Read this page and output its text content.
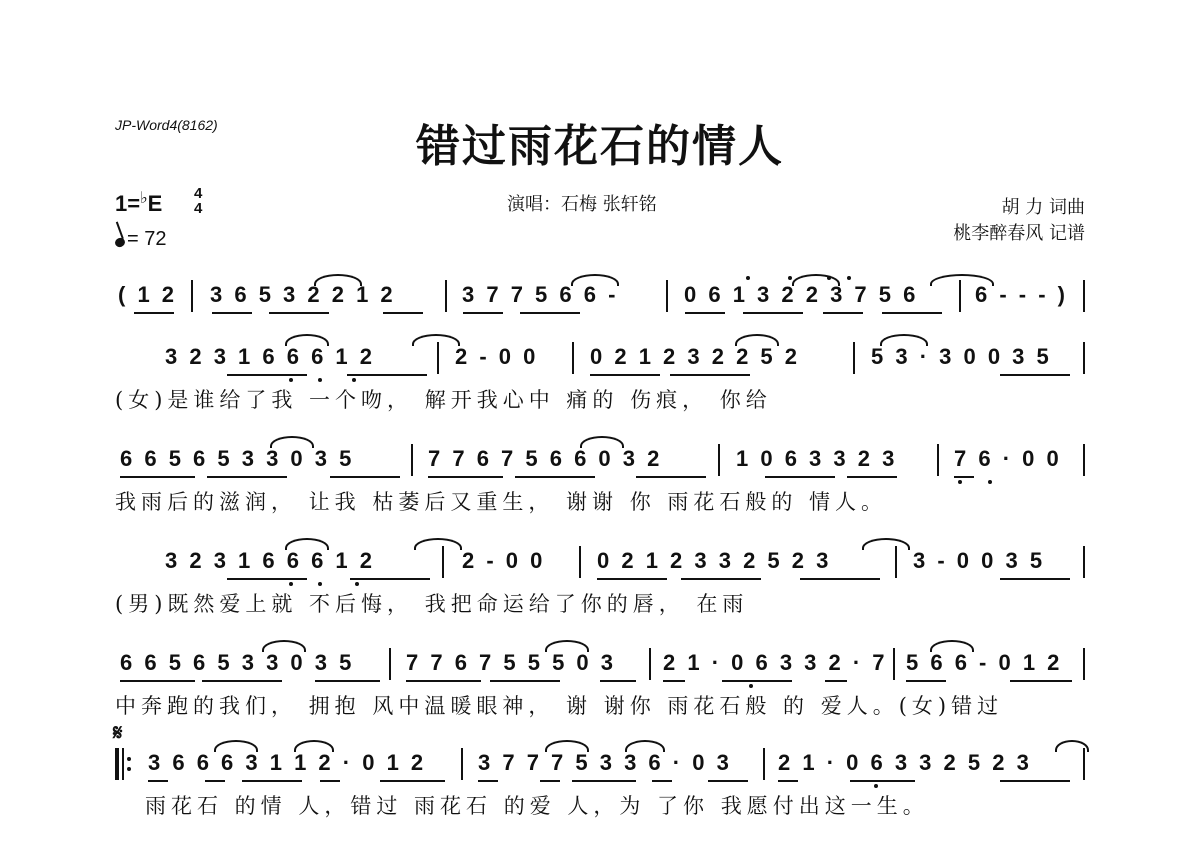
JP-Word4(8162)	错过雨花石的情人
1=♭E 4
4
= 72
演唱：石梅 张轩铭	胡 力 词曲
桃李醉春风 记谱
( 1 2 3 6 5 3 2 2 1 2	3 7 7 5 6 6 -	0 6 1 3 2 2 3 7 5 6	6 - - - )
3 2 3 1 6 6 6 1 2	2 - 0 0 0 2 1 2 3 2 2 5 2	5 3 · 3 0 0 3 5
(女)是谁给了我 一个吻， 解开我心中 痛的 伤痕， 你给
6 6 5 6 5 3 3 0 3 5	7 7 6 7 5 6 6 0 3 2	1 0 6 3 3 2 3	7 6 · 0 0
我雨后的滋润， 让我 枯萎后又重生， 谢谢 你 雨花石般的 情人。
3 2 3 1 6 6 6 1 2	2 - 0 0 0 2 1 2 3 3 2 5 2 3	3 - 0 0 3 5
(男)既然爱上就 不后悔， 我把命运给了你的唇， 在雨
6 6 5 6 5 3 3 0 3 5 7 7 6 7 5 5 5 0 3 2 1 · 0 6 3 3 2 · 7 5 6 6 - 0 1 2
中奔跑的我们， 拥抱 风中温暖眼神， 谢 谢你 雨花石般 的 爱人。(女)错过
𝄋
3 6 6 6 3 1 1 2 · 0 1 2 3 7 7 7 5 3 3 6 · 0 3 2 1 · 0 6 3 3 2 5 2 3
雨花石 的情 人，错过 雨花石 的爱 人，为 了你 我愿付出这一生。
